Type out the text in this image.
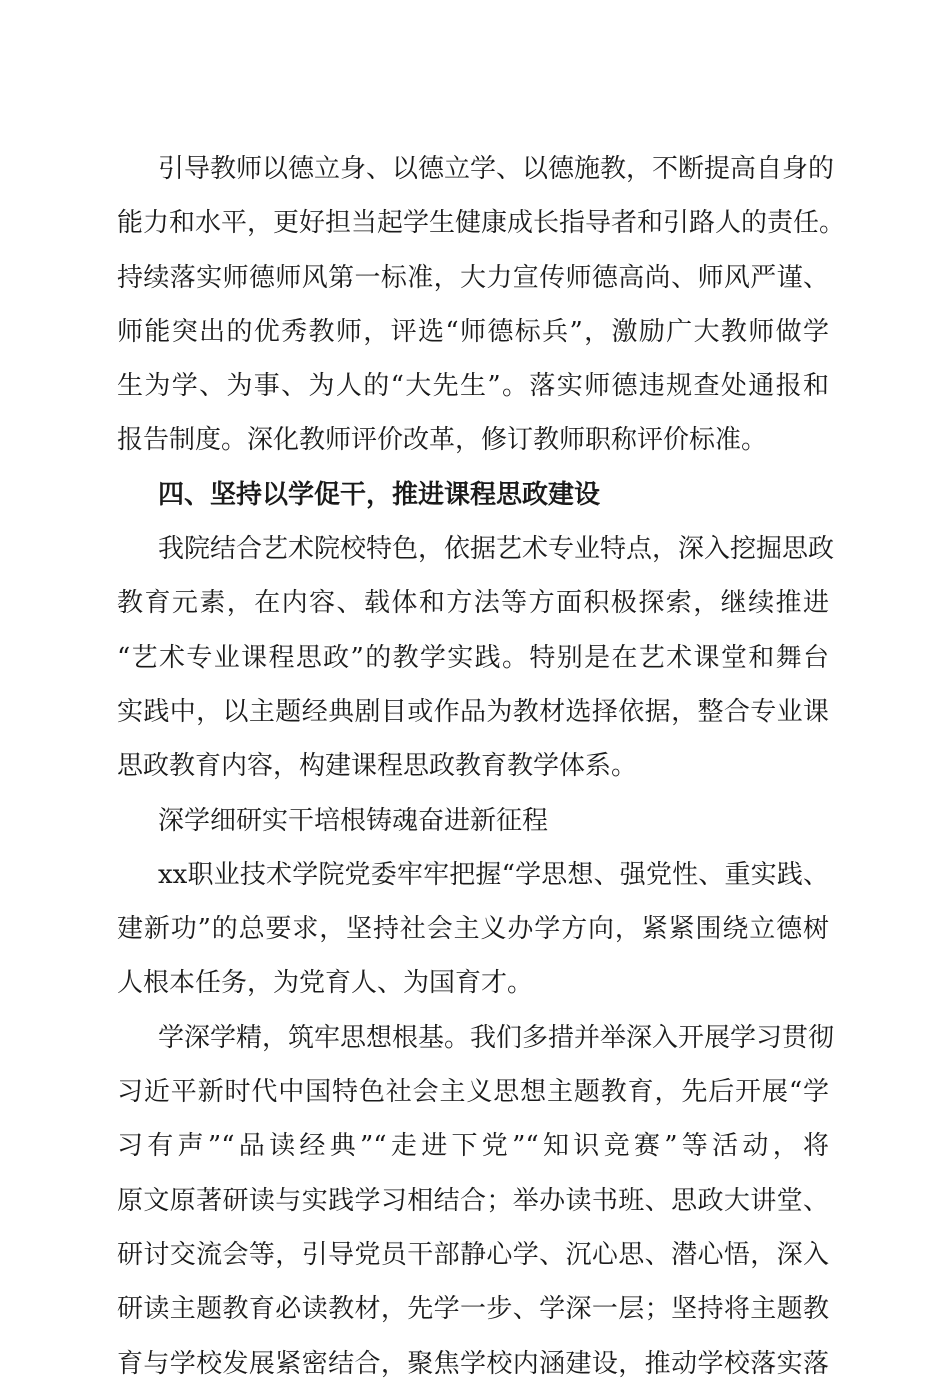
引导教师以德立身、以德立学、以德施教，不断提高自身的
能力和水平，更好担当起学生健康成长指导者和引路人的责任。
持续落实师德师风第一标准，大力宣传师德高尚、师风严谨、
师能突出的优秀教师，评选“师德标兵”，激励广大教师做学
生为学、为事、为人的“大先生”。落实师德违规查处通报和
报告制度。深化教师评价改革，修订教师职称评价标准。
四、坚持以学促干，推进课程思政建设
我院结合艺术院校特色，依据艺术专业特点，深入挖掘思政
教育元素，在内容、载体和方法等方面积极探索，继续推进
“艺术专业课程思政”的教学实践。特别是在艺术课堂和舞台
实践中，以主题经典剧目或作品为教材选择依据，整合专业课
思政教育内容，构建课程思政教育教学体系。
深学细研实干培根铸魂奋进新征程
xx职业技术学院党委牢牢把握“学思想、强党性、重实践、
建新功”的总要求，坚持社会主义办学方向，紧紧围绕立德树
人根本任务，为党育人、为国育才。
学深学精，筑牢思想根基。我们多措并举深入开展学习贯彻
习近平新时代中国特色社会主义思想主题教育，先后开展“学
习有声”“品读经典”“走进下党”“知识竞赛”等活动，将
原文原著研读与实践学习相结合；举办读书班、思政大讲堂、
研讨交流会等，引导党员干部静心学、沉心思、潜心悟，深入
研读主题教育必读教材，先学一步、学深一层；坚持将主题教
育与学校发展紧密结合，聚焦学校内涵建设，推动学校落实落
